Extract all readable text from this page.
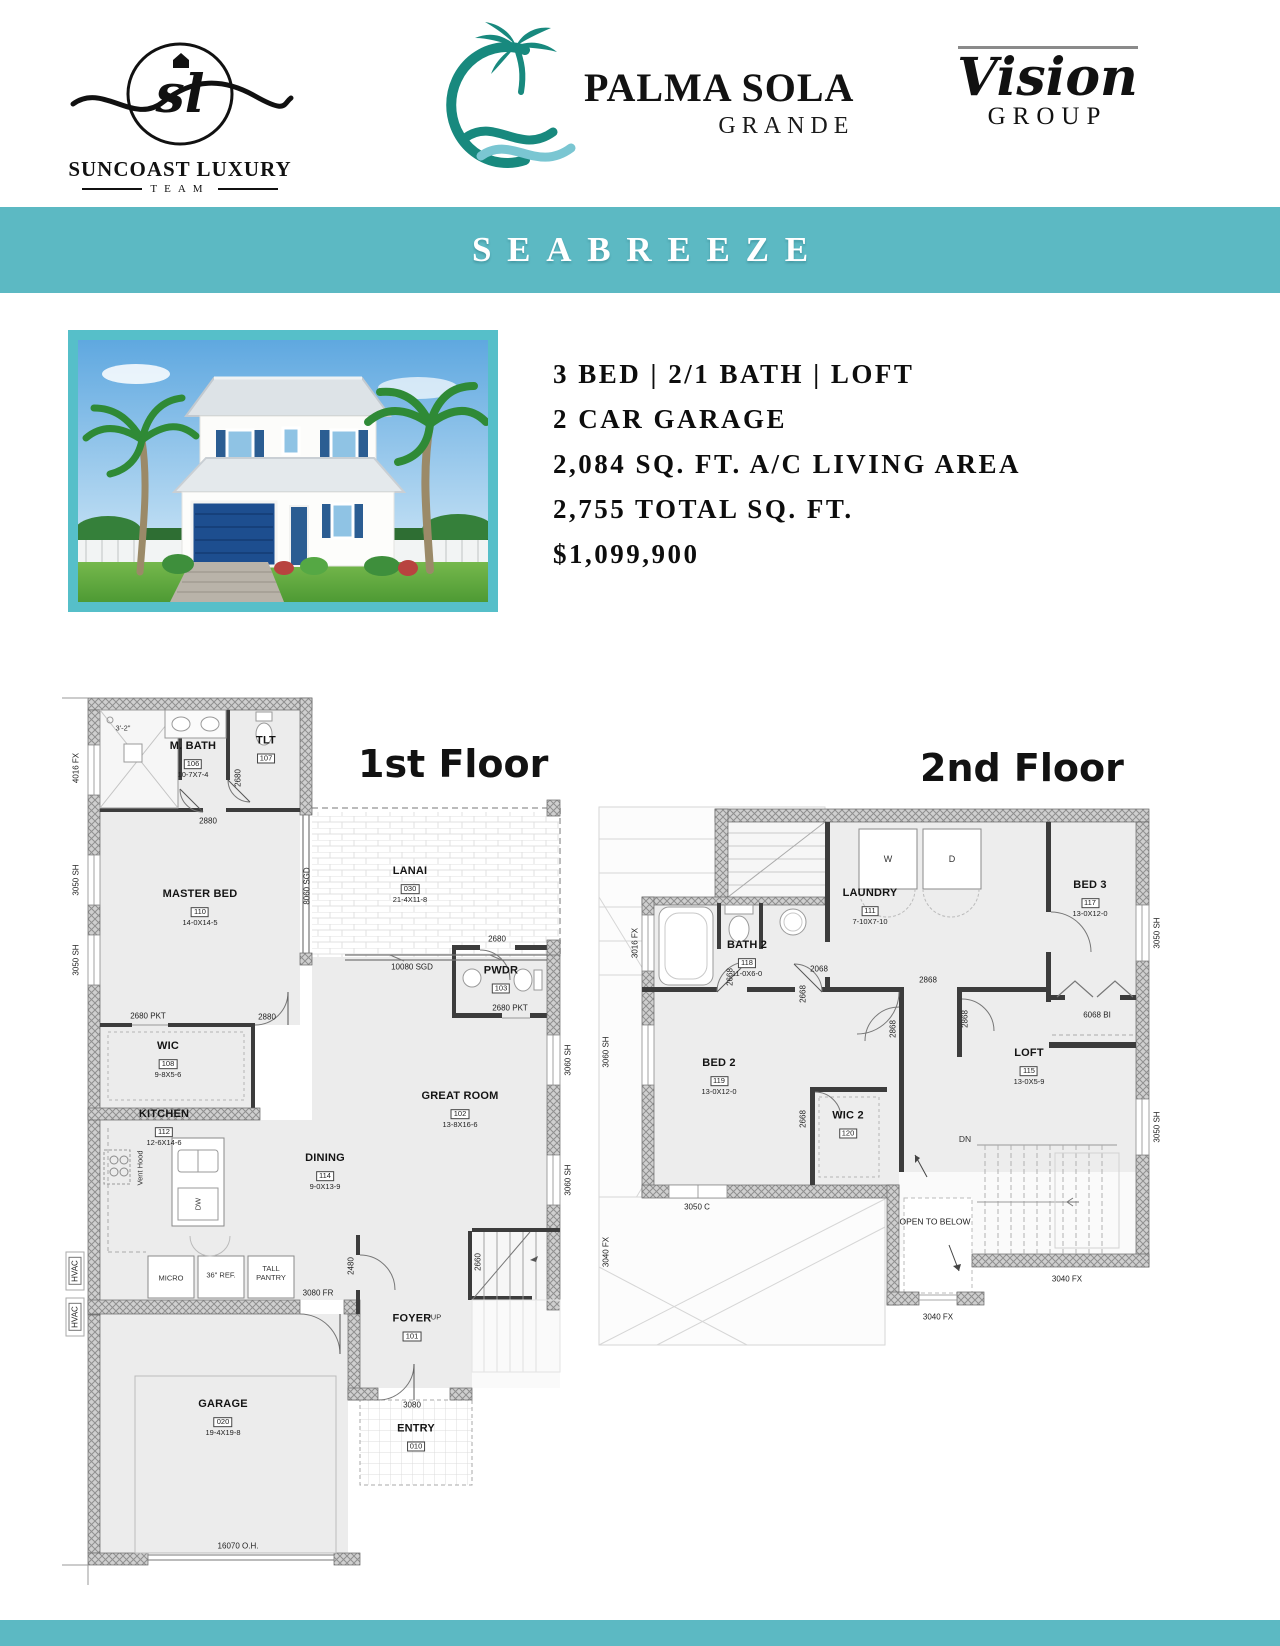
sl
SUNCOAST LUXURY
TEAM
PALMA SOLA
GRANDE
Vision
GROUP
SEABREEZE
3 BED | 2/1 BATH | LOFT
2 CAR GARAGE
2,084 SQ. FT. A/C LIVING AREA
2,755 TOTAL SQ. FT.
$1,099,900
1st Floor	2nd Floor
M. BATH
106
10-7X7-4
TLT
107
MASTER BED
110
14-0X14-5
WIC
108
9-8X5-6
LANAI
030
21-4X11-8
PWDR
103
GREAT ROOM
102
13-8X16-6
KITCHEN
112
12-6X14-6
DINING
114
9-0X13-9
FOYER
101
GARAGE
020
19-4X19-8	ENTRY
010
MICRO	36" REF.
TALL PANTRY
DW
Vent Hood
UP
3'-2"
4016 FX
3050 SH
3050 SH
HVAC
HVAC
2880
2880
2680
2680 PKT
2680
2680 PKT
10080 SGD
8060 SGD
3060 SH
3060 SH
2480	2660
3080 FR
3080
16070 O.H.
LAUNDRY
111
7-10X7-10
BED 3
117
13-0X12-0
BATH 2
118
11-0X6-0
BED 2
119
13-0X12-0
WIC 2
120
LOFT
115
13-0X5-9
W	D
DN
OPEN TO BELOW
3016 FX
3060 SH
3040 FX
2068
2868
2868
2868
2668
2668
2668
6068 BI
3050 SH
3050 SH
3050 C
3040 FX
3040 FX
